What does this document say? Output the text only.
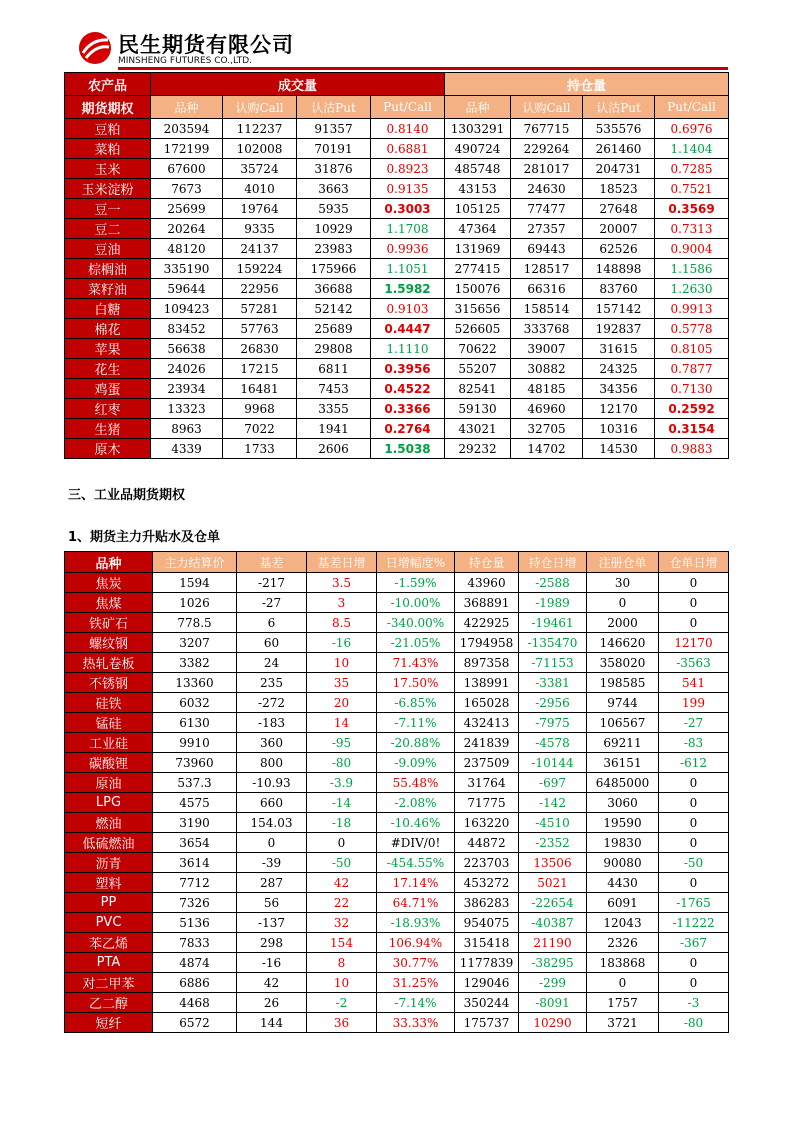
民生期货有限公司
MINSHENG FUTURES CO.,LTD.
农产品	成交量				持仓量			
期货期权	品种	认购Call	认沽Put	Put/Call	品种	认购Call	认沽Put	Put/Call
豆粕	203594	112237	91357	0.8140	1303291	767715	535576	0.6976
菜粕	172199	102008	70191	0.6881	490724	229264	261460	1.1404
玉米	67600	35724	31876	0.8923	485748	281017	204731	0.7285
玉米淀粉	7673	4010	3663	0.9135	43153	24630	18523	0.7521
豆一	25699	19764	5935	0.3003	105125	77477	27648	0.3569
豆二	20264	9335	10929	1.1708	47364	27357	20007	0.7313
豆油	48120	24137	23983	0.9936	131969	69443	62526	0.9004
棕榈油	335190	159224	175966	1.1051	277415	128517	148898	1.1586
菜籽油	59644	22956	36688	1.5982	150076	66316	83760	1.2630
白糖	109423	57281	52142	0.9103	315656	158514	157142	0.9913
棉花	83452	57763	25689	0.4447	526605	333768	192837	0.5778
苹果	56638	26830	29808	1.1110	70622	39007	31615	0.8105
花生	24026	17215	6811	0.3956	55207	30882	24325	0.7877
鸡蛋	23934	16481	7453	0.4522	82541	48185	34356	0.7130
红枣	13323	9968	3355	0.3366	59130	46960	12170	0.2592
生猪	8963	7022	1941	0.2764	43021	32705	10316	0.3154
原木	4339	1733	2606	1.5038	29232	14702	14530	0.9883
三、工业品期货期权
1、期货主力升贴水及仓单
品种	主力结算价	基差	基差日增	日增幅度%	持仓量	持仓日增	注册仓单	仓单日增
焦炭	1594	-217	3.5	-1.59%	43960	-2588	30	0
焦煤	1026	-27	3	-10.00%	368891	-1989	0	0
铁矿石	778.5	6	8.5	-340.00%	422925	-19461	2000	0
螺纹钢	3207	60	-16	-21.05%	1794958	-135470	146620	12170
热轧卷板	3382	24	10	71.43%	897358	-71153	358020	-3563
不锈钢	13360	235	35	17.50%	138991	-3381	198585	541
硅铁	6032	-272	20	-6.85%	165028	-2956	9744	199
锰硅	6130	-183	14	-7.11%	432413	-7975	106567	-27
工业硅	9910	360	-95	-20.88%	241839	-4578	69211	-83
碳酸锂	73960	800	-80	-9.09%	237509	-10144	36151	-612
原油	537.3	-10.93	-3.9	55.48%	31764	-697	6485000	0
LPG	4575	660	-14	-2.08%	71775	-142	3060	0
燃油	3190	154.03	-18	-10.46%	163220	-4510	19590	0
低硫燃油	3654	0	0	#DIV/0!	44872	-2352	19830	0
沥青	3614	-39	-50	-454.55%	223703	13506	90080	-50
塑料	7712	287	42	17.14%	453272	5021	4430	0
PP	7326	56	22	64.71%	386283	-22654	6091	-1765
PVC	5136	-137	32	-18.93%	954075	-40387	12043	-11222
苯乙烯	7833	298	154	106.94%	315418	21190	2326	-367
PTA	4874	-16	8	30.77%	1177839	-38295	183868	0
对二甲苯	6886	42	10	31.25%	129046	-299	0	0
乙二醇	4468	26	-2	-7.14%	350244	-8091	1757	-3
短纤	6572	144	36	33.33%	175737	10290	3721	-80
